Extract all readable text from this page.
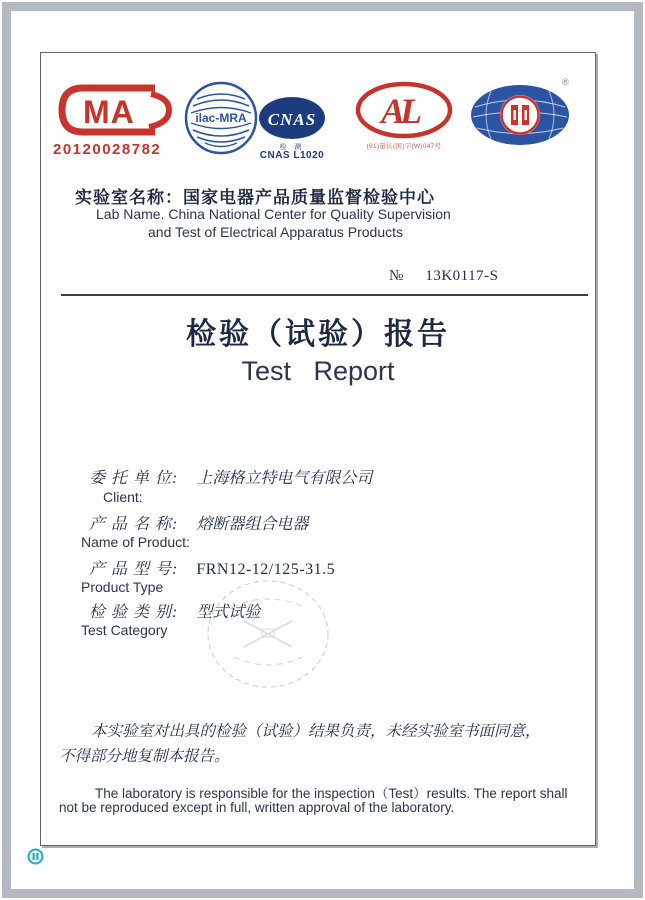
MA
20120028782
ilac-MRA CNAS
检 测
CNAS L1020
AL
(91)量认(国)字(W)047号
®
实验室名称：国家电器产品质量监督检验中心
Lab Name. China National Center for Quality Supervision
and Test of Electrical Apparatus Products
№ 13K0117-S
检验（试验）报告
Test   Report
委 托 单 位: 上海格立特电气有限公司
Client:
产 品 名 称: 熔断器组合电器
Name of Product:
产 品 型 号: FRN12-12/125-31.5
Product Type
检 验 类 别: 型式试验
Test Category
本实验室对出具的检验（试验）结果负责，未经实验室书面同意，
不得部分地复制本报告。
The laboratory is responsible for the inspection（Test）results. The report shall
not be reproduced except in full, written approval of the laboratory.
